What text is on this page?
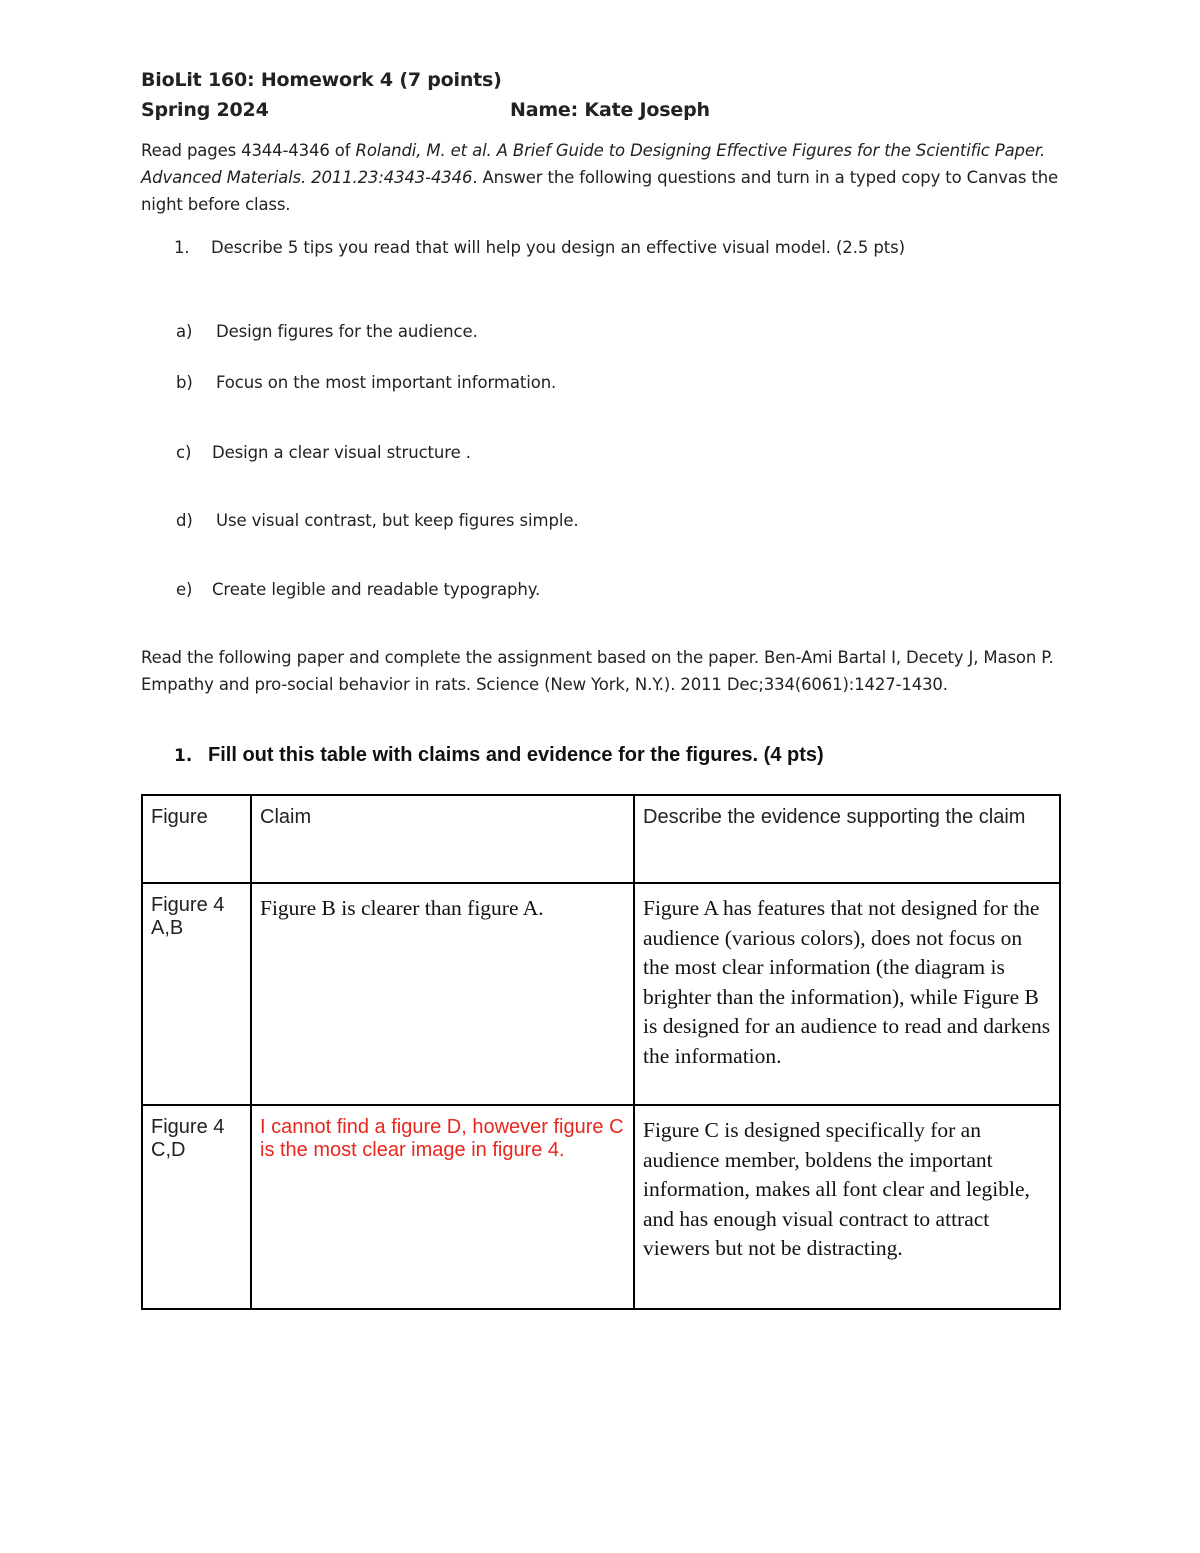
BioLit 160: Homework 4 (7 points)
Spring 2024	Name: Kate Joseph
Read pages 4344-4346 of Rolandi, M. et al. A Brief Guide to Designing Effective Figures for the Scientific Paper. Advanced Materials. 2011.23:4343-4346. Answer the following questions and turn in a typed copy to Canvas the night before class.
1. Describe 5 tips you read that will help you design an effective visual model. (2.5 pts)
a) Design figures for the audience.
b) Focus on the most important information.
c) Design a clear visual structure .
d) Use visual contrast, but keep figures simple.
e) Create legible and readable typography.
Read the following paper and complete the assignment based on the paper. Ben-Ami Bartal I, Decety J, Mason P. Empathy and pro-social behavior in rats. Science (New York, N.Y.). 2011 Dec;334(6061):1427-1430.
1. Fill out this table with claims and evidence for the figures. (4 pts)
Figure	Claim	Describe the evidence supporting the claim
Figure 4 A,B	Figure B is clearer than figure A.	Figure A has features that not designed for the audience (various colors), does not focus on the most clear information (the diagram is brighter than the information), while Figure B is designed for an audience to read and darkens the information.
Figure 4 C,D	I cannot find a figure D, however figure C is the most clear image in figure 4.	Figure C is designed specifically for an audience member, boldens the important information, makes all font clear and legible, and has enough visual contract to attract viewers but not be distracting.
